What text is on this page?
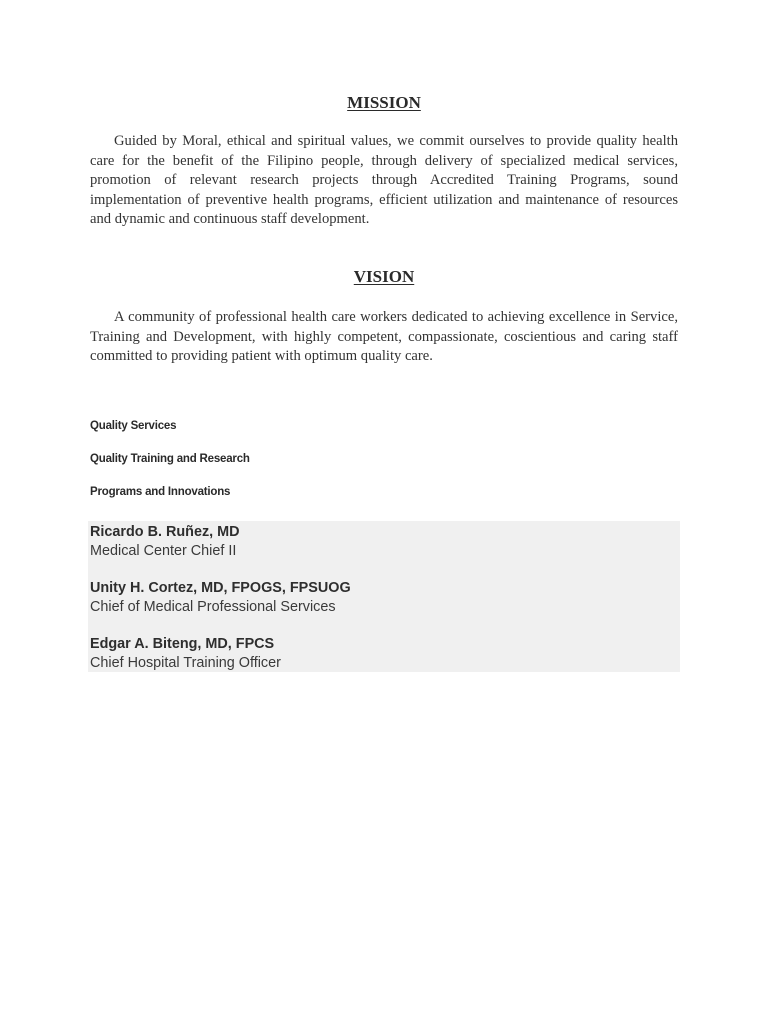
MISSION

Guided by Moral, ethical and spiritual values, we commit ourselves to provide quality health care for the benefit of the Filipino people, through delivery of specialized medical services, promotion of relevant research projects through Accredited Training Programs, sound implementation of preventive health programs, efficient utilization and maintenance of resources and dynamic and continuous staff development.

VISION

A community of professional health care workers dedicated to achieving excellence in Service, Training and Development, with highly competent, compassionate, coscientious and caring staff committed to providing patient with optimum quality care.

Quality Services
Quality Training and Research
Programs and Innovations
Ricardo B. Ruñez, MD
Medical Center Chief II
Unity H. Cortez, MD, FPOGS, FPSUOG
Chief of Medical Professional Services
Edgar A. Biteng, MD, FPCS
Chief Hospital Training Officer
